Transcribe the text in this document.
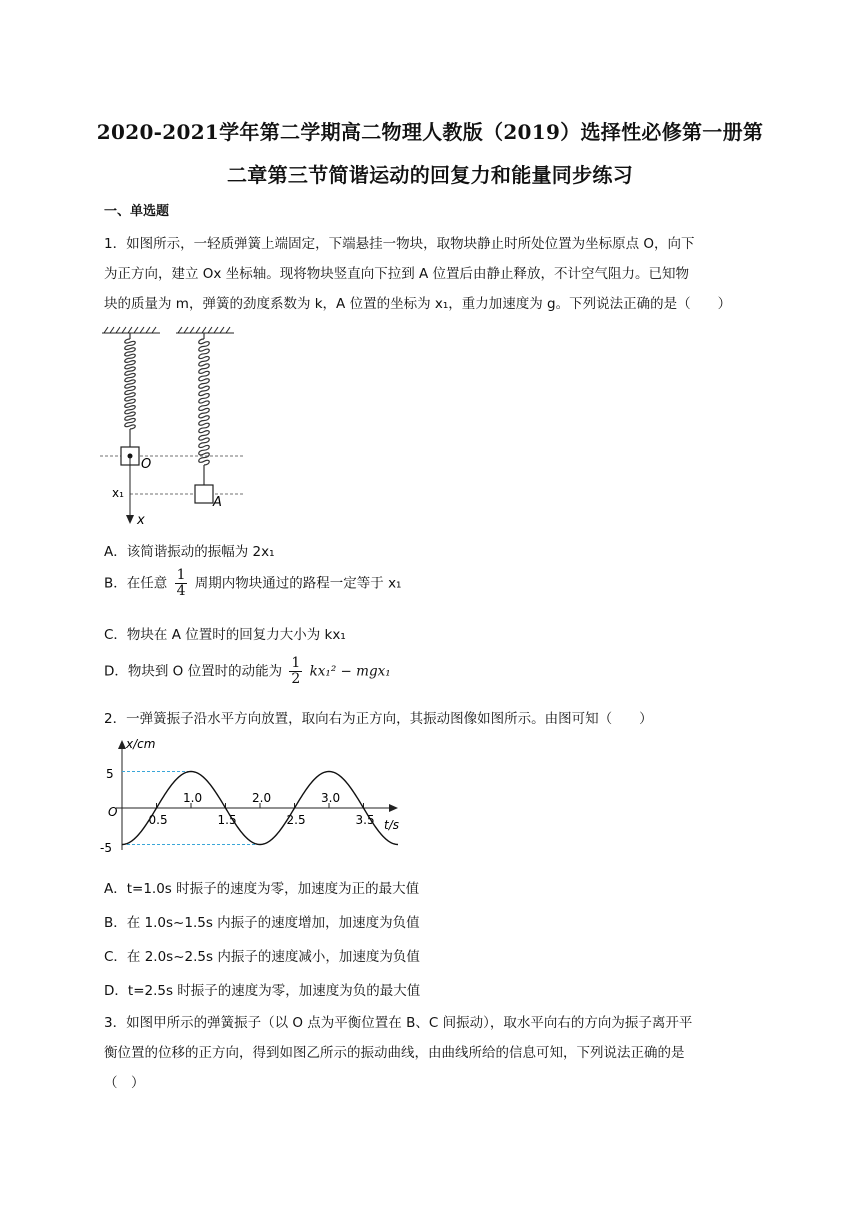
2020-2021学年第二学期高二物理人教版（2019）选择性必修第一册第
二章第三节简谐运动的回复力和能量同步练习
一、单选题
1．如图所示，一轻质弹簧上端固定，下端悬挂一物块，取物块静止时所处位置为坐标原点 O，向下
为正方向，建立 Ox 坐标轴。现将物块竖直向下拉到 A 位置后由静止释放，不计空气阻力。已知物
块的质量为 m，弹簧的劲度系数为 k，A 位置的坐标为 x₁，重力加速度为 g。下列说法正确的是（　　）
O
A
x₁
x
A．该简谐振动的振幅为 2x₁
B．在任意 $\frac{1}{4}$ 周期内物块通过的路程一定等于 x₁
C．物块在 A 位置时的回复力大小为 kx₁
D．物块到 O 位置时的动能为 $\frac{1}{2} kx_1^2 - mgx_1$
2．一弹簧振子沿水平方向放置，取向右为正方向，其振动图像如图所示。由图可知（　　）
x/cm
t/s
O
5
-5
1.0	2.0	3.0
0.5	1.5	2.5	3.5
A．t=1.0s 时振子的速度为零，加速度为正的最大值
B．在 1.0s~1.5s 内振子的速度增加，加速度为负值
C．在 2.0s~2.5s 内振子的速度减小，加速度为负值
D．t=2.5s 时振子的速度为零，加速度为负的最大值
3．如图甲所示的弹簧振子（以 O 点为平衡位置在 B、C 间振动），取水平向右的方向为振子离开平
衡位置的位移的正方向，得到如图乙所示的振动曲线，由曲线所给的信息可知，下列说法正确的是
（　）
